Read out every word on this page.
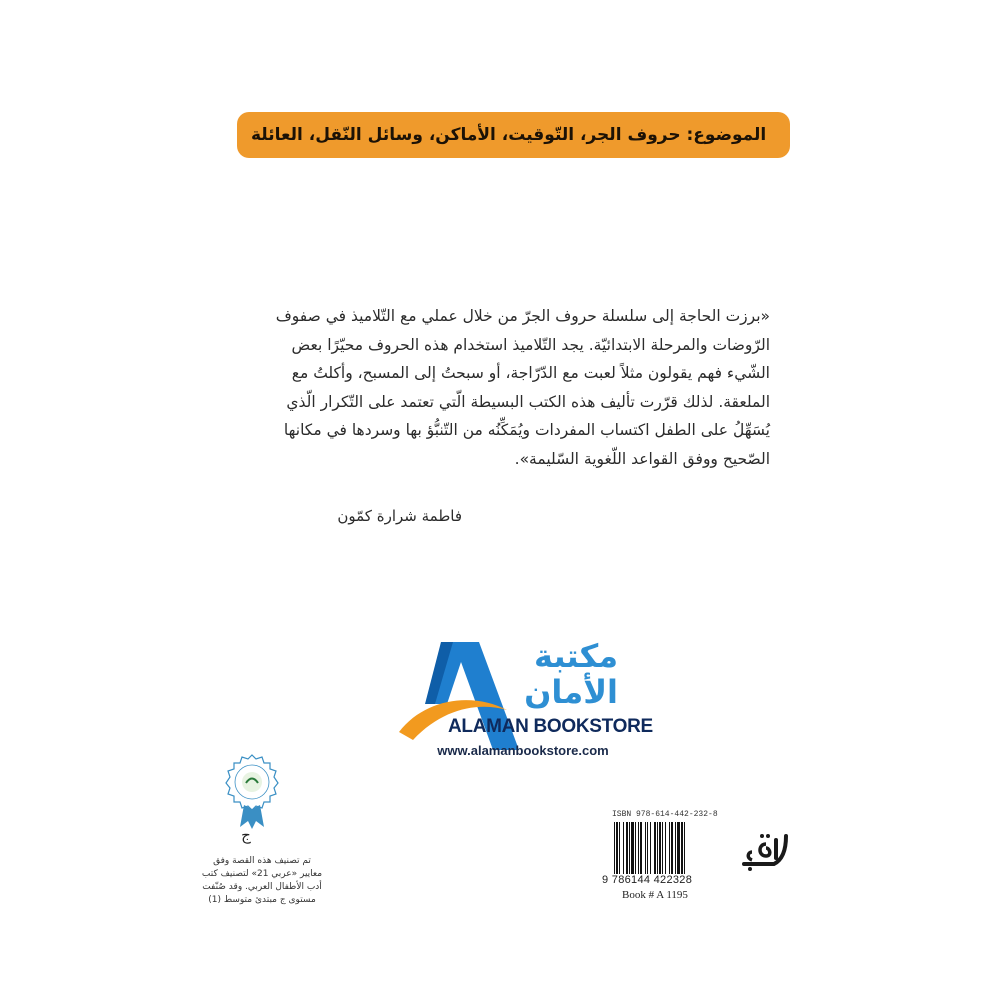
الموضوع: حروف الجر، التّوقيت، الأماكن، وسائل النّقل، العائلة
«برزت الحاجة إلى سلسلة حروف الجرّ من خلال عملي مع التّلاميذ في صفوف
الرّوضات والمرحلة الابتدائيّة. يجد التّلاميذ استخدام هذه الحروف محيّرًا بعض
الشّيء فهم يقولون مثلاً لعبت مع الدّرّاجة، أو سبحتُ إلى المسبح، وأكلتُ مع
الملعقة. لذلك قرّرت تأليف هذه الكتب البسيطة الّتي تعتمد على التّكرار الّذي
يُسَهِّلُ على الطفل اكتساب المفردات ويُمَكِّنُه من التّنبُّؤ بها وسردها في مكانها
الصّحيح ووفق القواعد اللّغوية السّليمة».
فاطمة شرارة كمّون
مكتبة
الأمان
ALAMAN BOOKSTORE
www.alamanbookstore.com
ج
تم تصنيف هذه القصة وفق
معايير «عربي 21» لتصنيف كتب
أدب الأطفال العربي. وقد صُنّفت
مستوى ج مبتدئ متوسط (1)
ISBN 978-614-442-232-8
9 786144 422328
Book # A 1195
